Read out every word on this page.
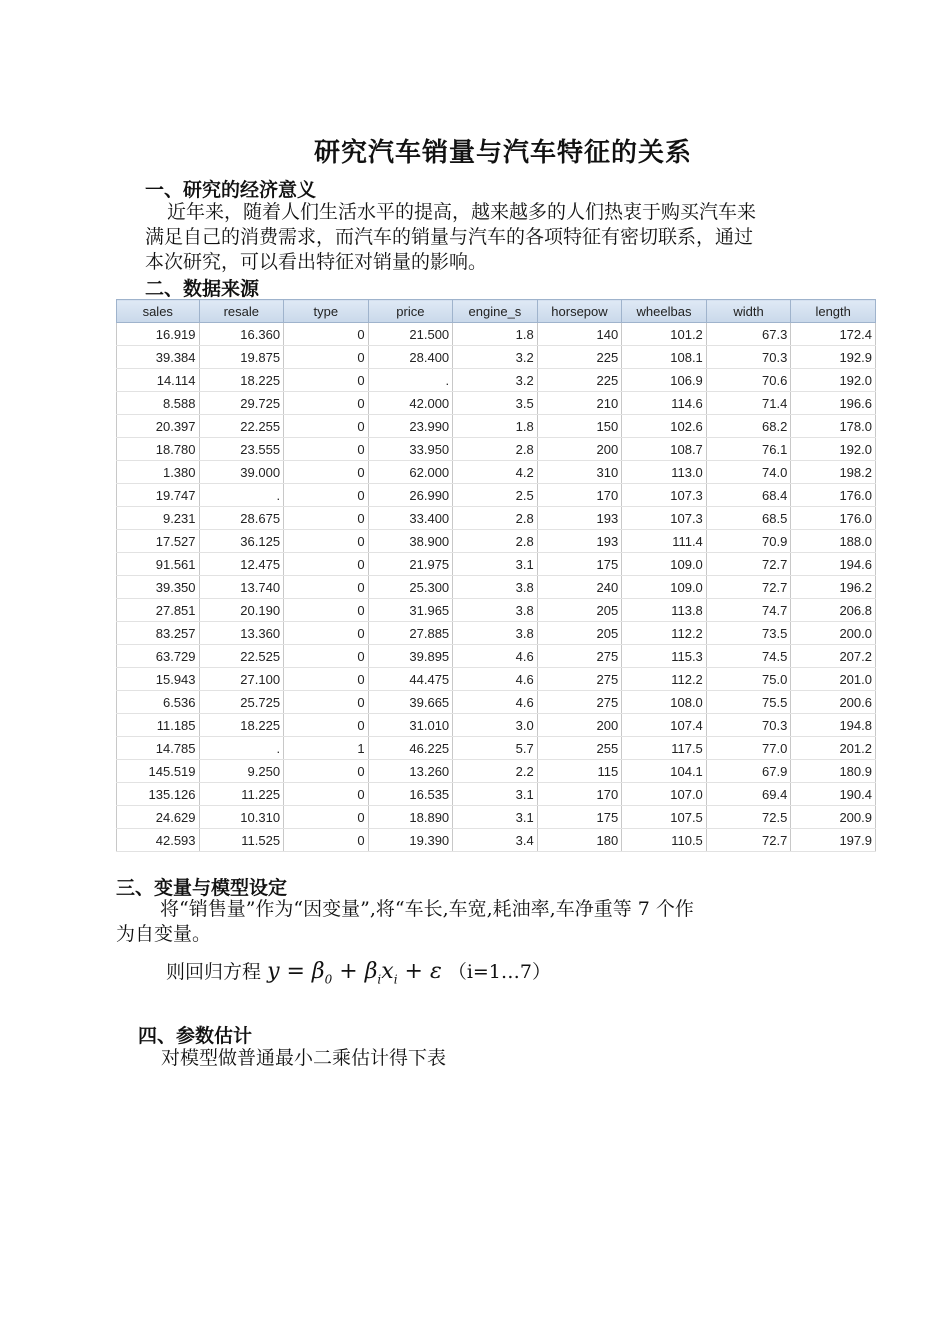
研究汽车销量与汽车特征的关系
一、研究的经济意义
近年来，随着人们生活水平的提高，越来越多的人们热衷于购买汽车来
满足自己的消费需求，而汽车的销量与汽车的各项特征有密切联系，通过
本次研究，可以看出特征对销量的影响。
二、数据来源
sales	resale	type	price	engine_s	horsepow	wheelbas	width	length
16.919	16.360	0	21.500	1.8	140	101.2	67.3	172.4
39.384	19.875	0	28.400	3.2	225	108.1	70.3	192.9
14.114	18.225	0	.	3.2	225	106.9	70.6	192.0
8.588	29.725	0	42.000	3.5	210	114.6	71.4	196.6
20.397	22.255	0	23.990	1.8	150	102.6	68.2	178.0
18.780	23.555	0	33.950	2.8	200	108.7	76.1	192.0
1.380	39.000	0	62.000	4.2	310	113.0	74.0	198.2
19.747	.	0	26.990	2.5	170	107.3	68.4	176.0
9.231	28.675	0	33.400	2.8	193	107.3	68.5	176.0
17.527	36.125	0	38.900	2.8	193	111.4	70.9	188.0
91.561	12.475	0	21.975	3.1	175	109.0	72.7	194.6
39.350	13.740	0	25.300	3.8	240	109.0	72.7	196.2
27.851	20.190	0	31.965	3.8	205	113.8	74.7	206.8
83.257	13.360	0	27.885	3.8	205	112.2	73.5	200.0
63.729	22.525	0	39.895	4.6	275	115.3	74.5	207.2
15.943	27.100	0	44.475	4.6	275	112.2	75.0	201.0
6.536	25.725	0	39.665	4.6	275	108.0	75.5	200.6
11.185	18.225	0	31.010	3.0	200	107.4	70.3	194.8
14.785	.	1	46.225	5.7	255	117.5	77.0	201.2
145.519	9.250	0	13.260	2.2	115	104.1	67.9	180.9
135.126	11.225	0	16.535	3.1	170	107.0	69.4	190.4
24.629	10.310	0	18.890	3.1	175	107.5	72.5	200.9
42.593	11.525	0	19.390	3.4	180	110.5	72.7	197.9
三、变量与模型设定
将“销售量”作为“因变量”,将“车长,车宽,耗油率,车净重等 7 个作
为自变量。
则回归方程 $y = \beta_0 + \beta_ix_i + \varepsilon$ （i=1…7）
四、参数估计
对模型做普通最小二乘估计得下表
